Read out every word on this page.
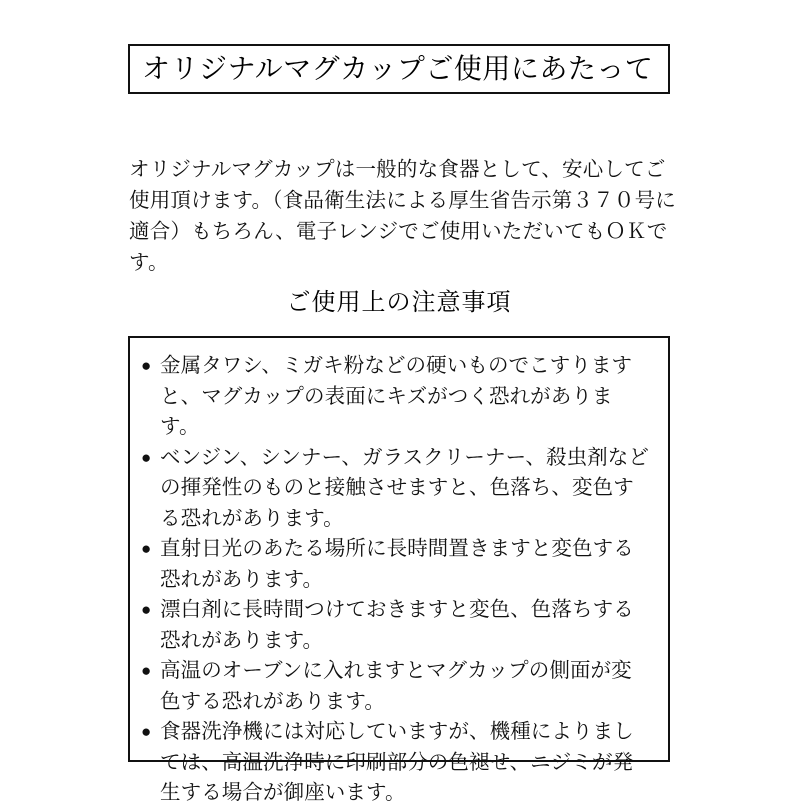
オリジナルマグカップご使用にあたって

オリジナルマグカップは一般的な食器として、安心してご使用頂けます。（食品衛生法による厚生省告示第３７０号に適合）もちろん、電子レンジでご使用いただいてもＯＫです。

ご使用上の注意事項
● 金属タワシ、ミガキ粉などの硬いものでこすりますと、マグカップの表面にキズがつく恐れがあります。
● ベンジン、シンナー、ガラスクリーナー、殺虫剤などの揮発性のものと接触させますと、色落ち、変色する恐れがあります。
● 直射日光のあたる場所に長時間置きますと変色する恐れがあります。
● 漂白剤に長時間つけておきますと変色、色落ちする恐れがあります。
● 高温のオーブンに入れますとマグカップの側面が変色する恐れがあります。
● 食器洗浄機には対応していますが、機種によりましては、高温洗浄時に印刷部分の色褪せ、ニジミが発生する場合が御座います。
